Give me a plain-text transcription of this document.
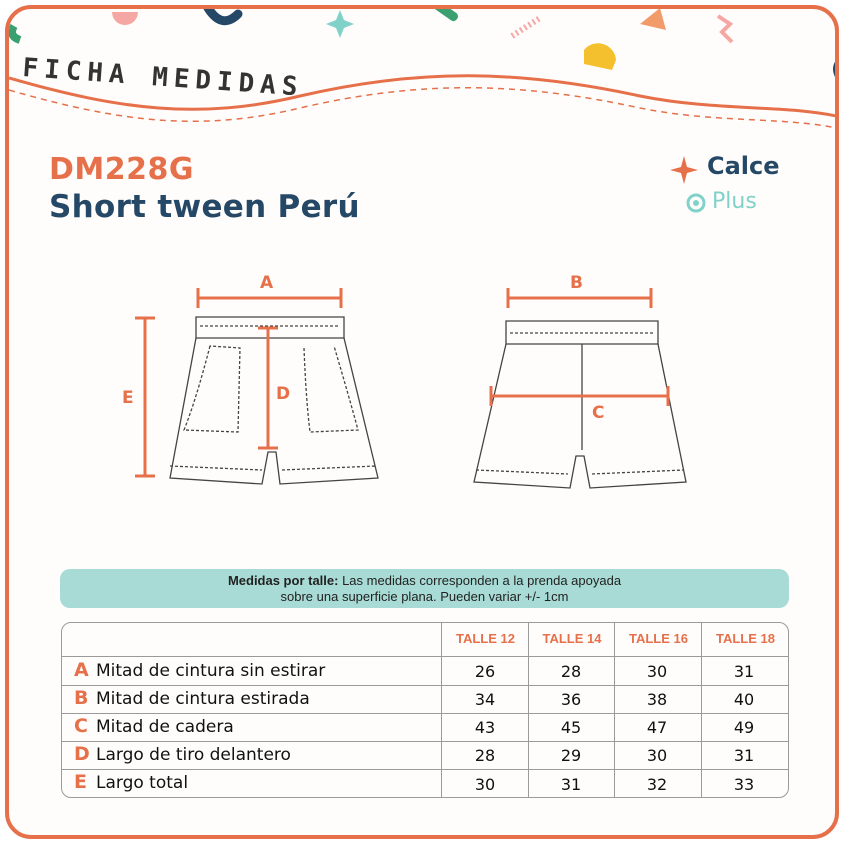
FICHA MEDIDAS
DM228G
Short tween Perú
Calce
Plus
A	B
C
D
E
Medidas por talle: Las medidas corresponden a la prenda apoyada
sobre una superficie plana. Pueden variar +/- 1cm
TALLE 12	TALLE 14	TALLE 16	TALLE 18
A Mitad de cintura sin estirar	26	28	30	31
B Mitad de cintura estirada	34	36	38	40
C Mitad de cadera	43	45	47	49
D Largo de tiro delantero	28	29	30	31
E Largo total	30	31	32	33
